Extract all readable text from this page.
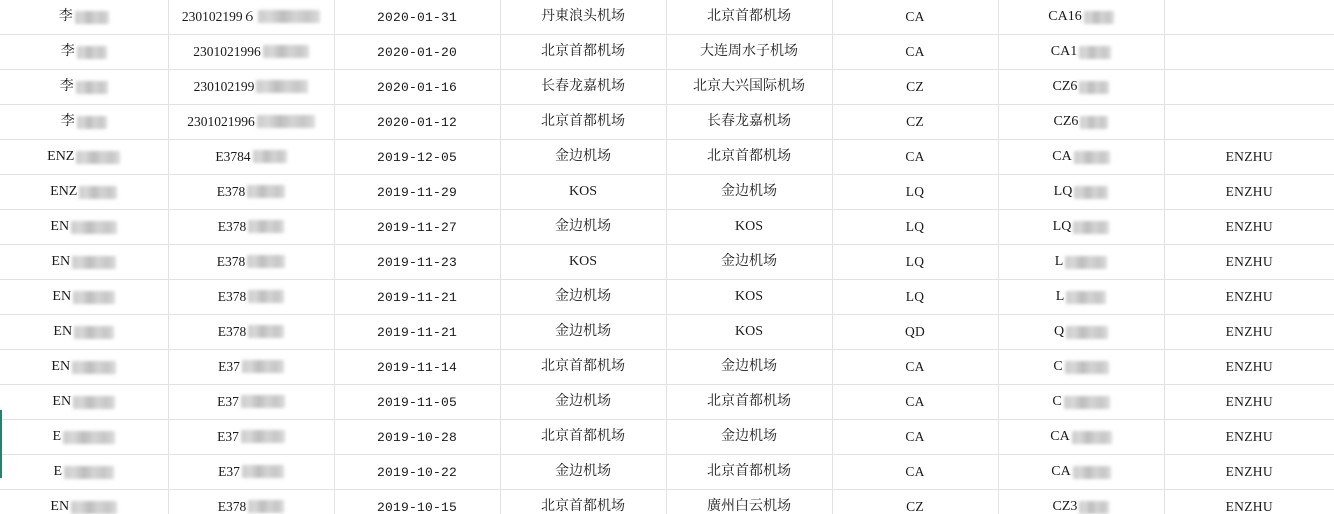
李	230102199６	2020-01-31	丹東浪头机场	北京首都机场	CA	CA16	

李	2301021996	2020-01-20	北京首都机场	大连周水子机场	CA	CA1	

李	230102199	2020-01-16	长春龙嘉机场	北京大兴国际机场	CZ	CZ6	

李	2301021996	2020-01-12	北京首都机场	长春龙嘉机场	CZ	CZ6	

ENZ	E3784	2019-12-05	金边机场	北京首都机场	CA	CA	ENZHU

ENZ	E378	2019-11-29	KOS	金边机场	LQ	LQ	ENZHU

EN	E378	2019-11-27	金边机场	KOS	LQ	LQ	ENZHU

EN	E378	2019-11-23	KOS	金边机场	LQ	L	ENZHU

EN	E378	2019-11-21	金边机场	KOS	LQ	L	ENZHU

EN	E378	2019-11-21	金边机场	KOS	QD	Q	ENZHU

EN	E37	2019-11-14	北京首都机场	金边机场	CA	C	ENZHU

EN	E37	2019-11-05	金边机场	北京首都机场	CA	C	ENZHU

E	E37	2019-10-28	北京首都机场	金边机场	CA	CA	ENZHU

E	E37	2019-10-22	金边机场	北京首都机场	CA	CA	ENZHU

EN	E378	2019-10-15	北京首都机场	廣州白云机场	CZ	CZ3	ENZHU
